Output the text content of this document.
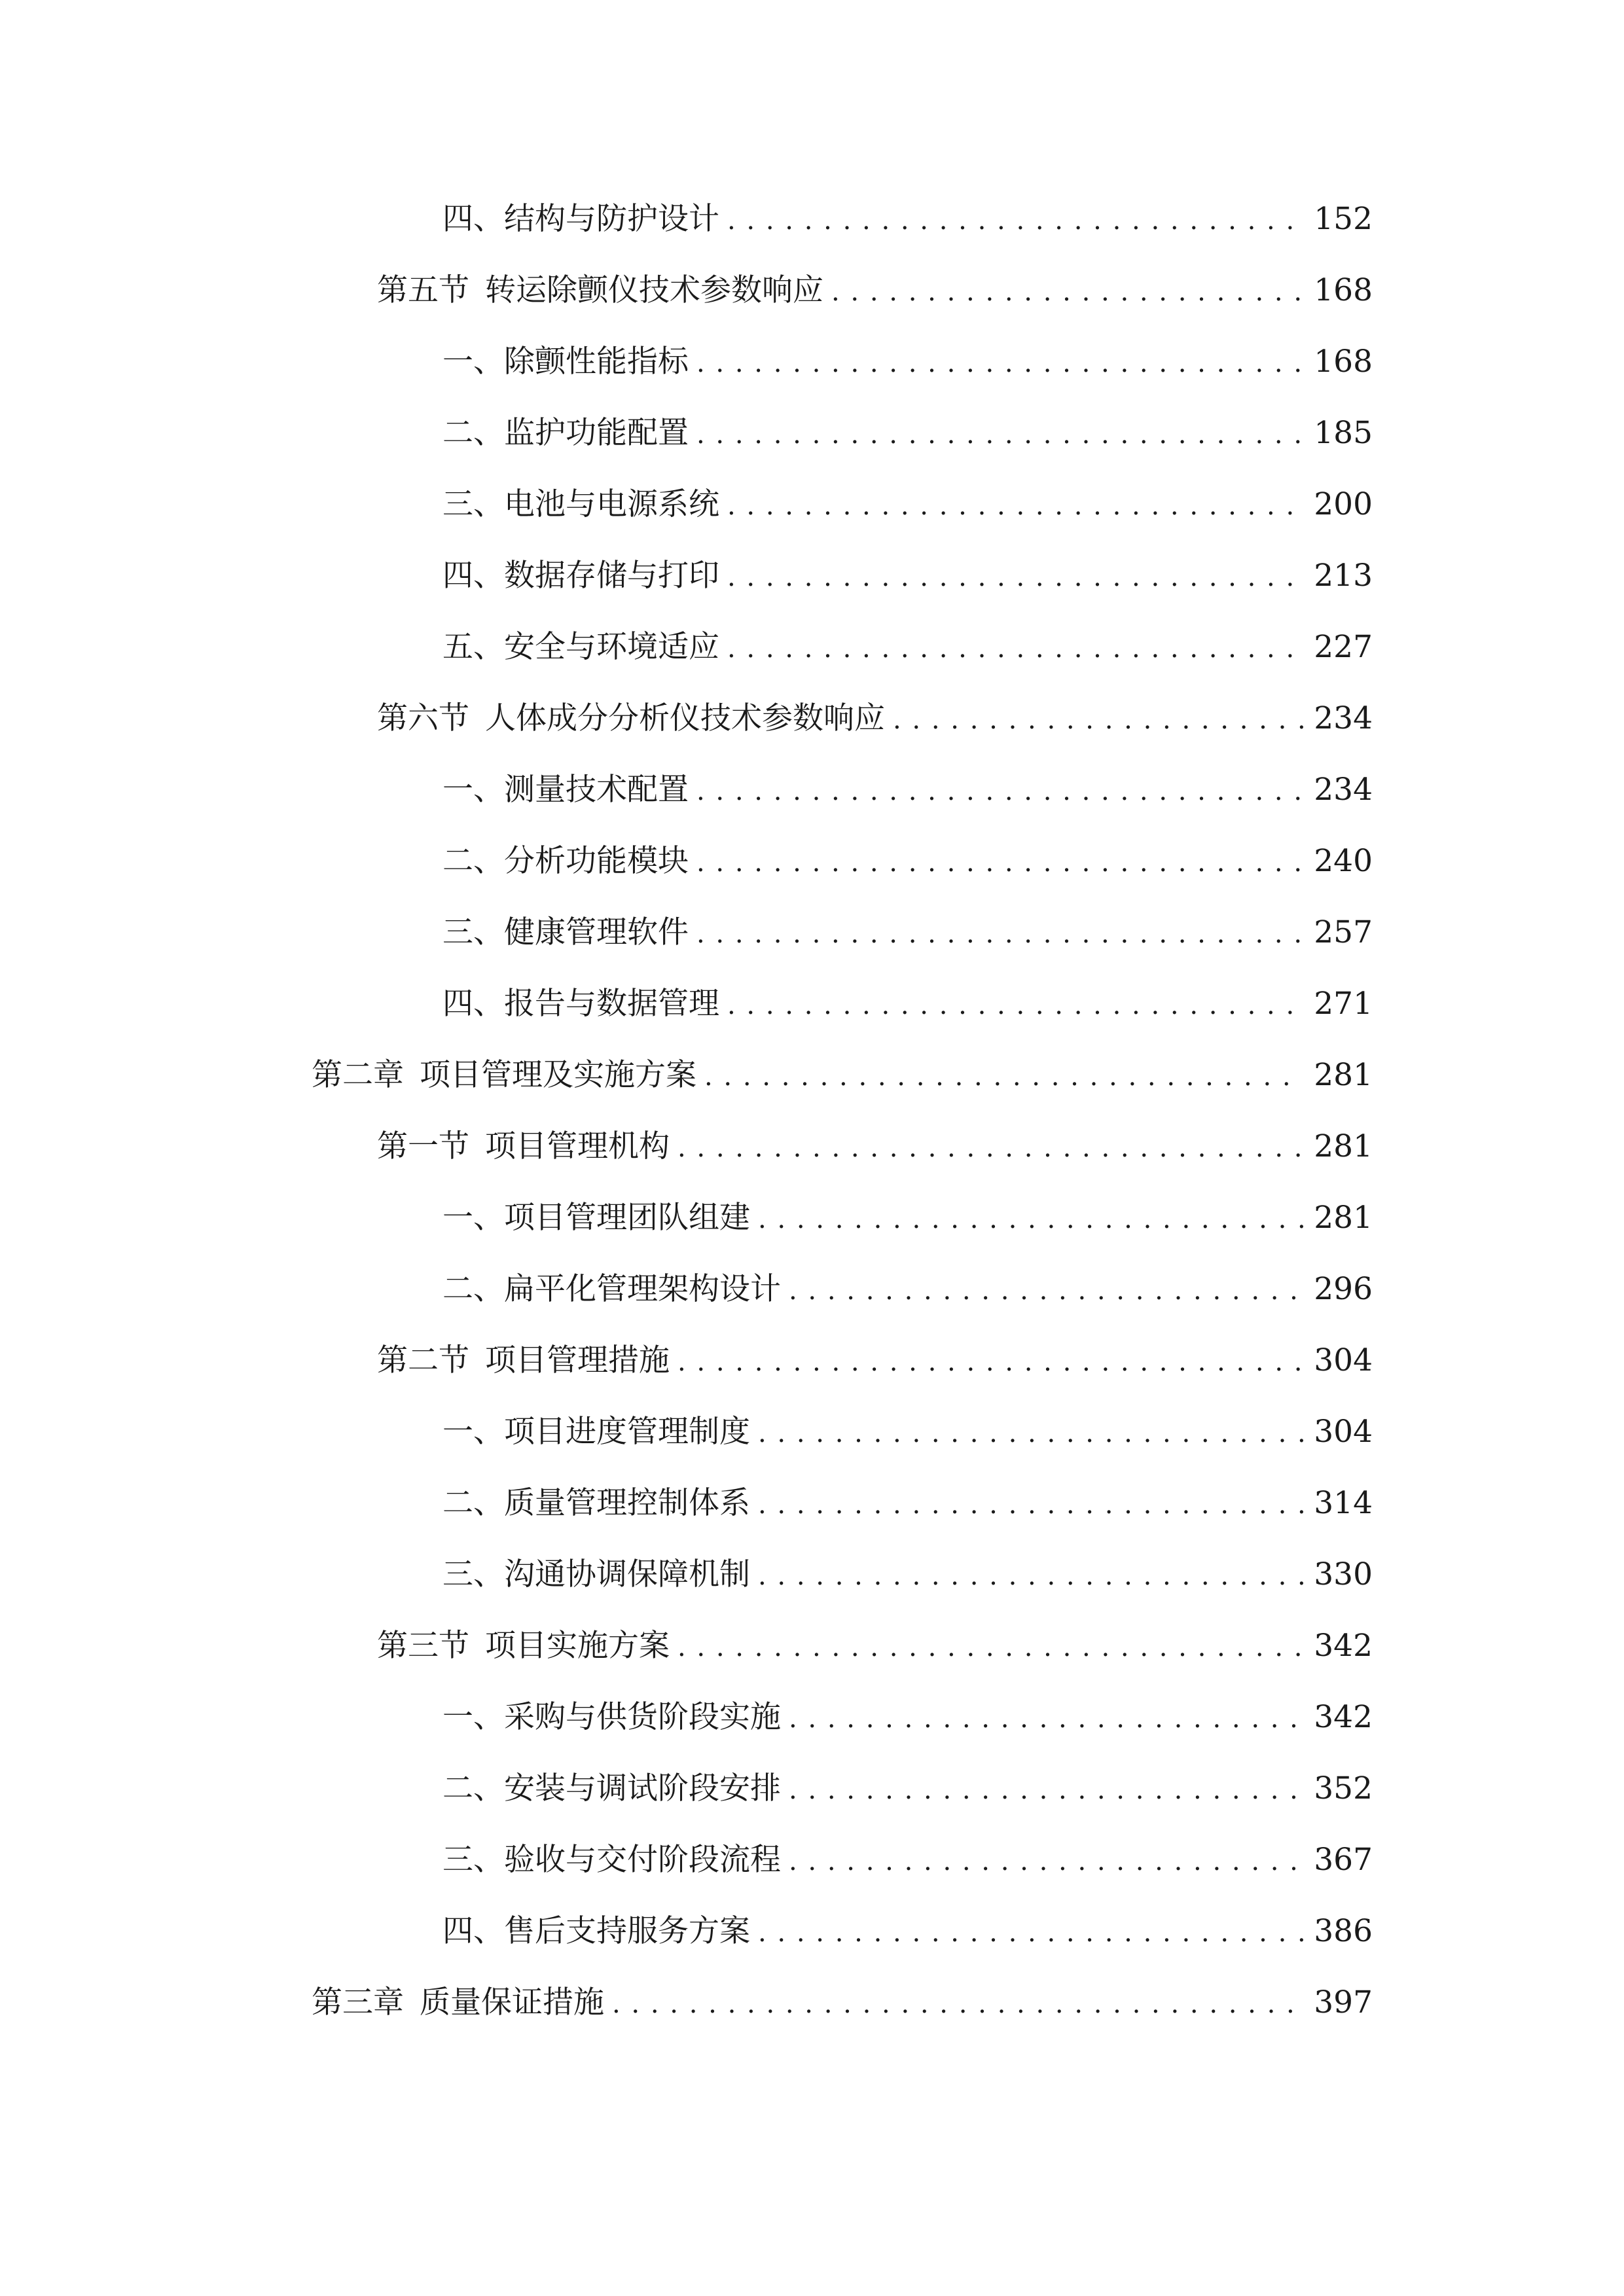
四、 结构与防护设计 . . .	152
第五节 转运除颤仪技术参数响应 . . .	168
一、 除颤性能指标 . . .	168
二、 监护功能配置 . . .	185
三、 电池与电源系统 . . .	200
四、 数据存储与打印 . . .	213
五、 安全与环境适应 . . .	227
第六节 人体成分分析仪技术参数响应 . . .	234
一、 测量技术配置 . . .	234
二、 分析功能模块 . . .	240
三、 健康管理软件 . . .	257
四、 报告与数据管理 . . .	271
第二章 项目管理及实施方案 . . .	281
第一节 项目管理机构 . . .	281
一、 项目管理团队组建 . . .	281
二、 扁平化管理架构设计 . . .	296
第二节 项目管理措施 . . .	304
一、 项目进度管理制度 . . .	304
二、 质量管理控制体系 . . .	314
三、 沟通协调保障机制 . . .	330
第三节 项目实施方案 . . .	342
一、 采购与供货阶段实施 . . .	342
二、 安装与调试阶段安排 . . .	352
三、 验收与交付阶段流程 . . .	367
四、 售后支持服务方案 . . .	386
第三章 质量保证措施 . . .	397
